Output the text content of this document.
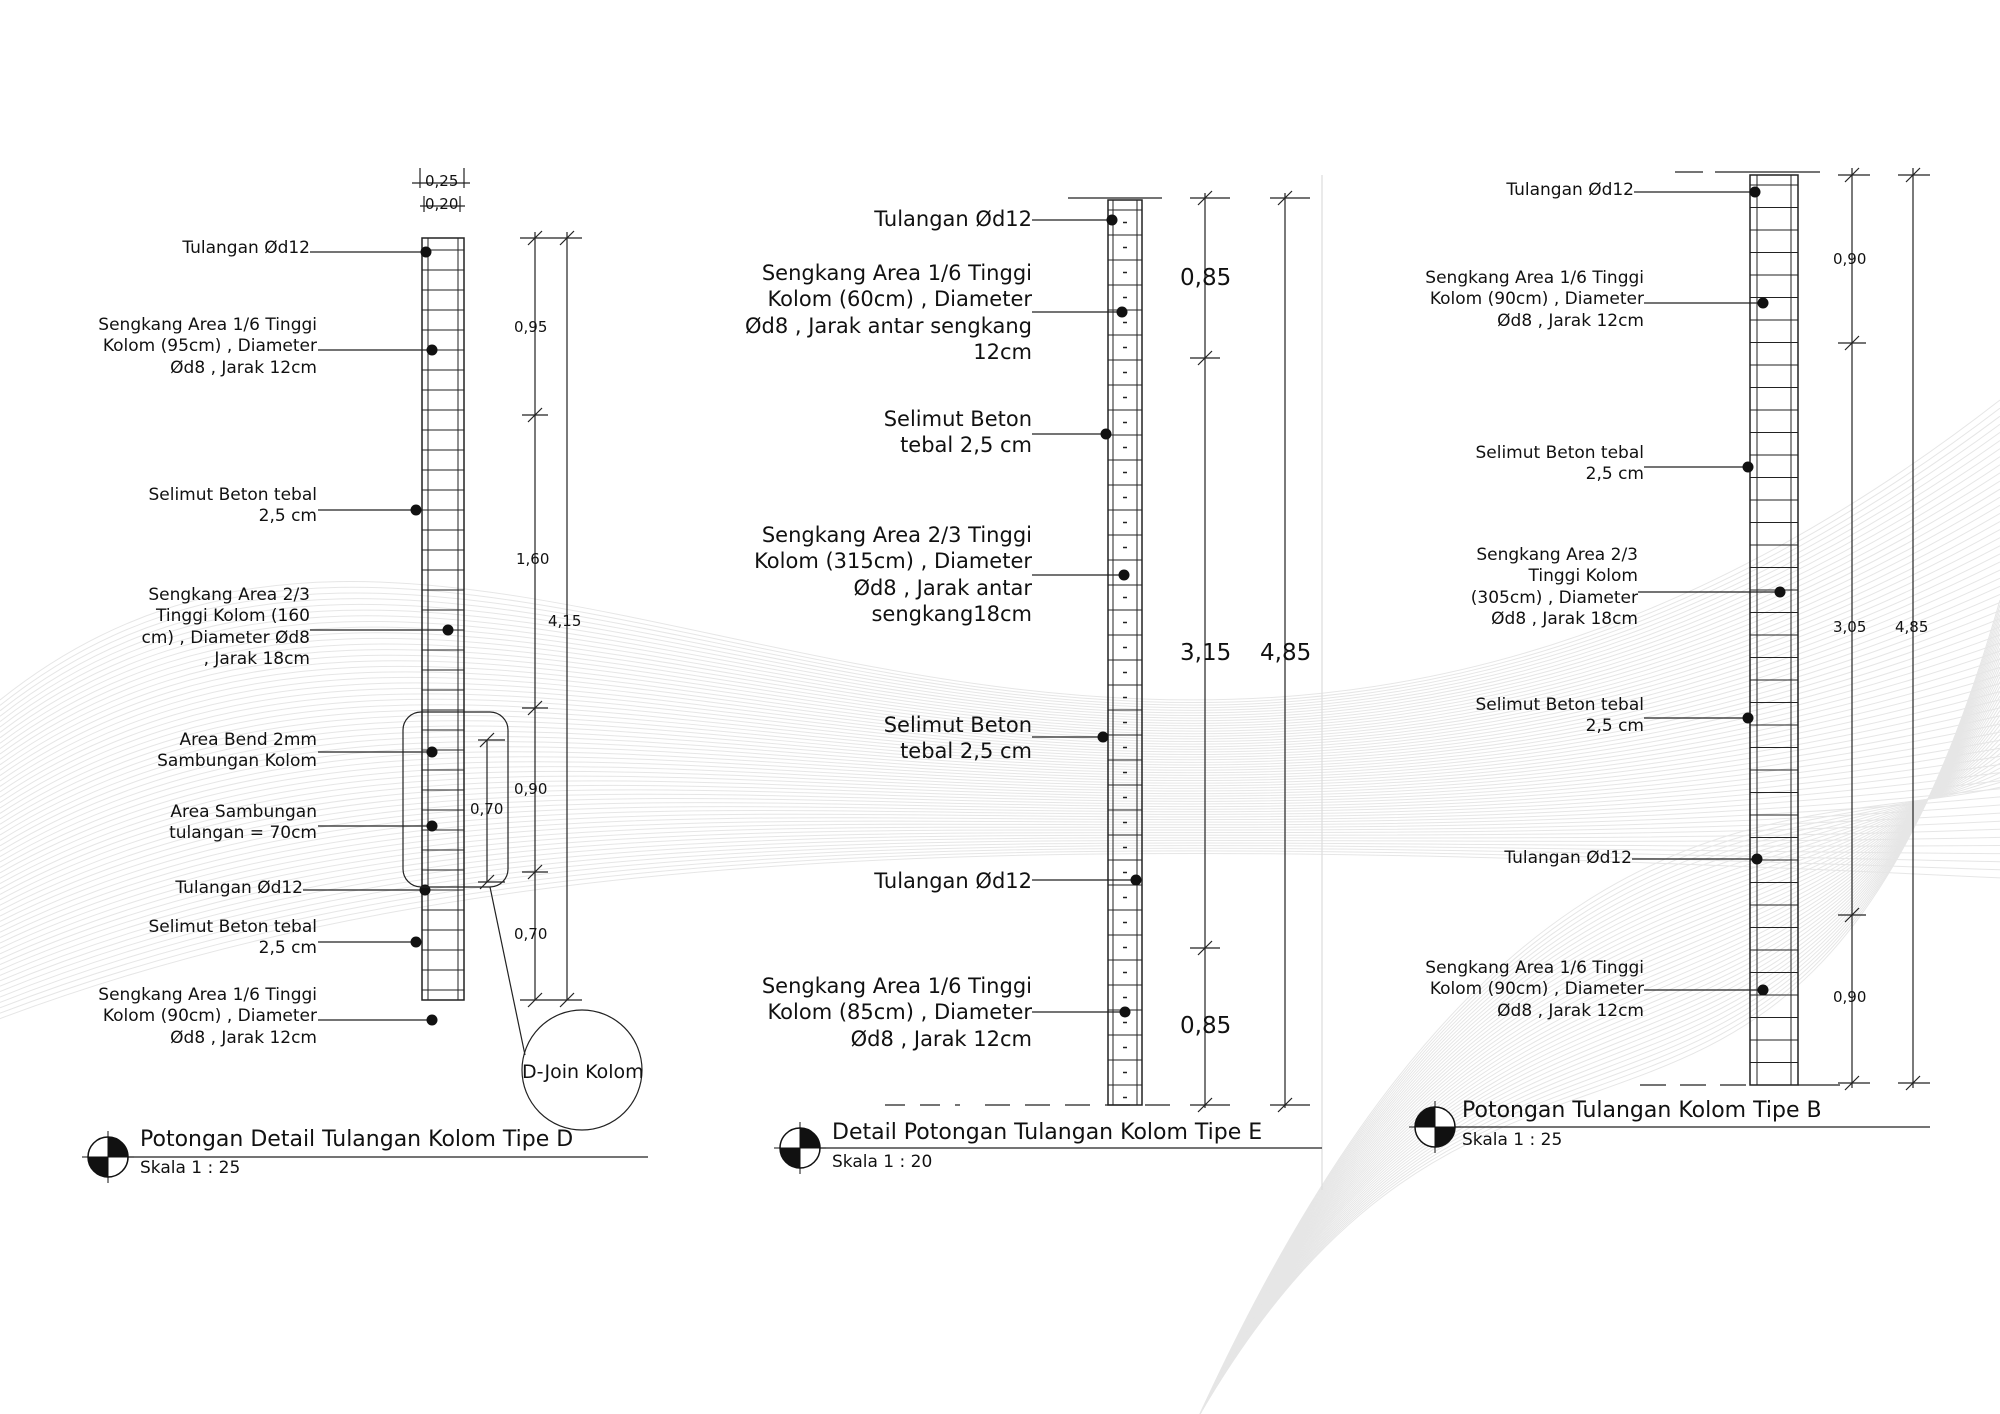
0,25
0,20
Tulangan Ød12
Sengkang Area 1/6 Tinggi
Kolom (95cm) , Diameter
Ød8 , Jarak 12cm
Selimut Beton tebal
2,5 cm
Sengkang Area 2/3
Tinggi Kolom (160
cm) , Diameter Ød8
, Jarak 18cm
Area Bend 2mm
Sambungan Kolom
Area Sambungan
tulangan = 70cm
Tulangan Ød12
Selimut Beton tebal
2,5 cm
Sengkang Area 1/6 Tinggi
Kolom (90cm) , Diameter
Ød8 , Jarak 12cm
0,95
1,60
0,90
0,70
4,15
0,70
D-Join Kolom
Potongan Detail Tulangan Kolom Tipe D
Skala 1 : 25
Tulangan Ød12
Sengkang Area 1/6 Tinggi
Kolom (60cm) , Diameter
Ød8 , Jarak antar sengkang
12cm
Selimut Beton
tebal 2,5 cm
Sengkang Area 2/3 Tinggi
Kolom (315cm) , Diameter
Ød8 , Jarak antar
sengkang18cm
Selimut Beton
tebal 2,5 cm
Tulangan Ød12
Sengkang Area 1/6 Tinggi
Kolom (85cm) , Diameter
Ød8 , Jarak 12cm
0,85
3,15
0,85
4,85
Detail Potongan Tulangan Kolom Tipe E
Skala 1 : 20
Tulangan Ød12
Sengkang Area 1/6 Tinggi
Kolom (90cm) , Diameter
Ød8 , Jarak 12cm
Selimut Beton tebal
2,5 cm
Sengkang Area 2/3
Tinggi Kolom
(305cm) , Diameter
Ød8 , Jarak 18cm
Selimut Beton tebal
2,5 cm
Tulangan Ød12
Sengkang Area 1/6 Tinggi
Kolom (90cm) , Diameter
Ød8 , Jarak 12cm
0,90
3,05
0,90
4,85
Potongan Tulangan Kolom Tipe B
Skala 1 : 25
